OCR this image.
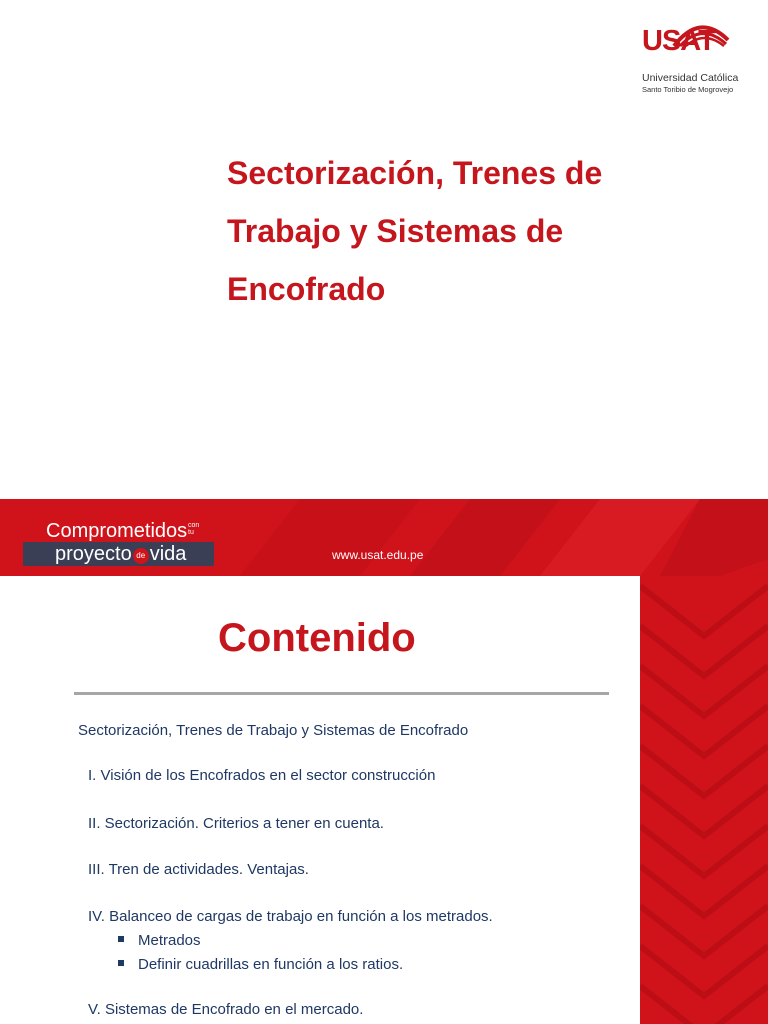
USAT
Universidad Católica
Santo Toribio de Mogrovejo
Sectorización, Trenes de
Trabajo y Sistemas de
Encofrado
Comprometidos con
tu
proyecto de vida	www.usat.edu.pe
Contenido
Sectorización, Trenes de Trabajo y Sistemas de Encofrado
I. Visión de los Encofrados en el sector construcción
II. Sectorización. Criterios a tener en cuenta.
III. Tren de actividades. Ventajas.
IV. Balanceo de cargas de trabajo en función a los metrados.
Metrados
Definir cuadrillas en función a los ratios.
V. Sistemas de Encofrado en el mercado.
